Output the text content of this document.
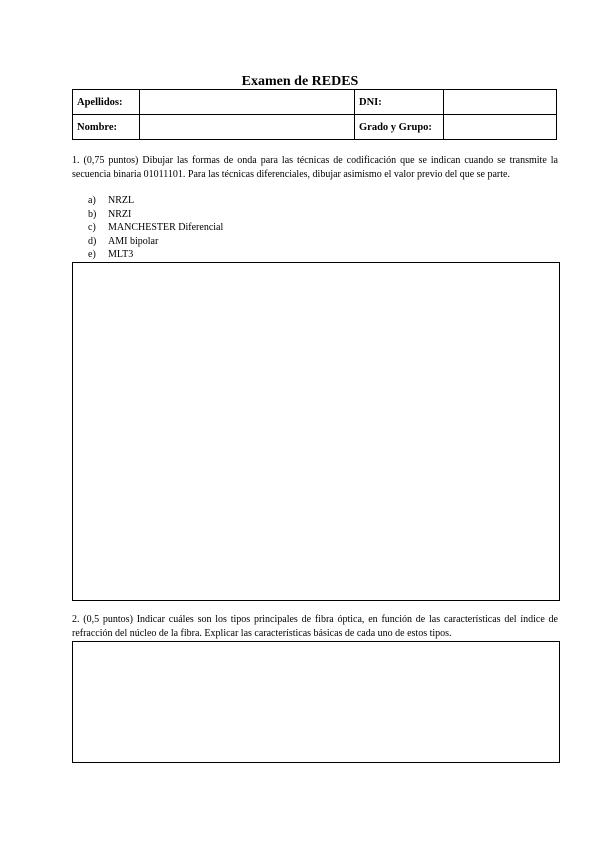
Examen de REDES
Apellidos:		DNI:	
Nombre:		Grado y Grupo:	
1. (0,75 puntos) Dibujar las formas de onda para las técnicas de codificación que se indican cuando se transmite la secuencia binaria 01011101. Para las técnicas diferenciales, dibujar asimismo el valor previo del que se parte.
a)	NRZL
b)	NRZI
c)	MANCHESTER Diferencial
d)	AMI bipolar
e)	MLT3
2. (0,5 puntos) Indicar cuáles son los tipos principales de fibra óptica, en función de las características del índice de refracción del núcleo de la fibra. Explicar las características básicas de cada uno de estos tipos.
